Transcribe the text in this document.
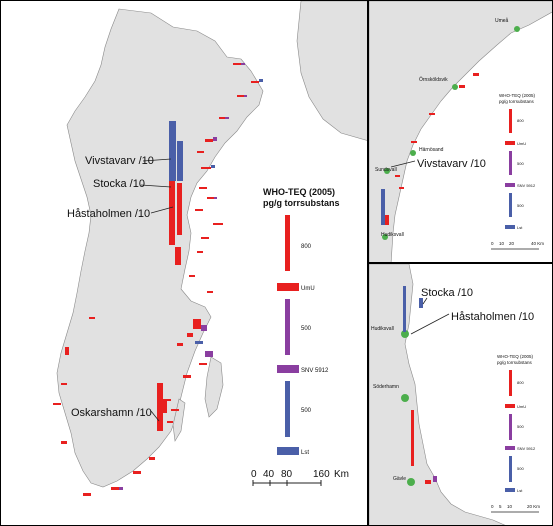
Vivstavarv /10
Stocka /10
Håstaholmen /10
Oskarshamn /10
WHO-TEQ (2005)
pg/g torrsubstans
800
UmU
500
SNV 5912
500
Lst
0 40 80 160 Km
Umeå
Örnsköldsvik
Härnösand
Sundsvall
Hudiksvall
Vivstavarv /10
WHO-TEQ (2005)
pg/g torrsubstans
800
UmU
500
SNV 5912
500
Lst
0 10 20	40 Km
Hudiksvall
Söderhamn
Gävle
Stocka /10
Håstaholmen /10
WHO-TEQ (2005)
pg/g torrsubstans
800
UmU
500
SNV 5912
500
Lst
0 5 10	20 Km
